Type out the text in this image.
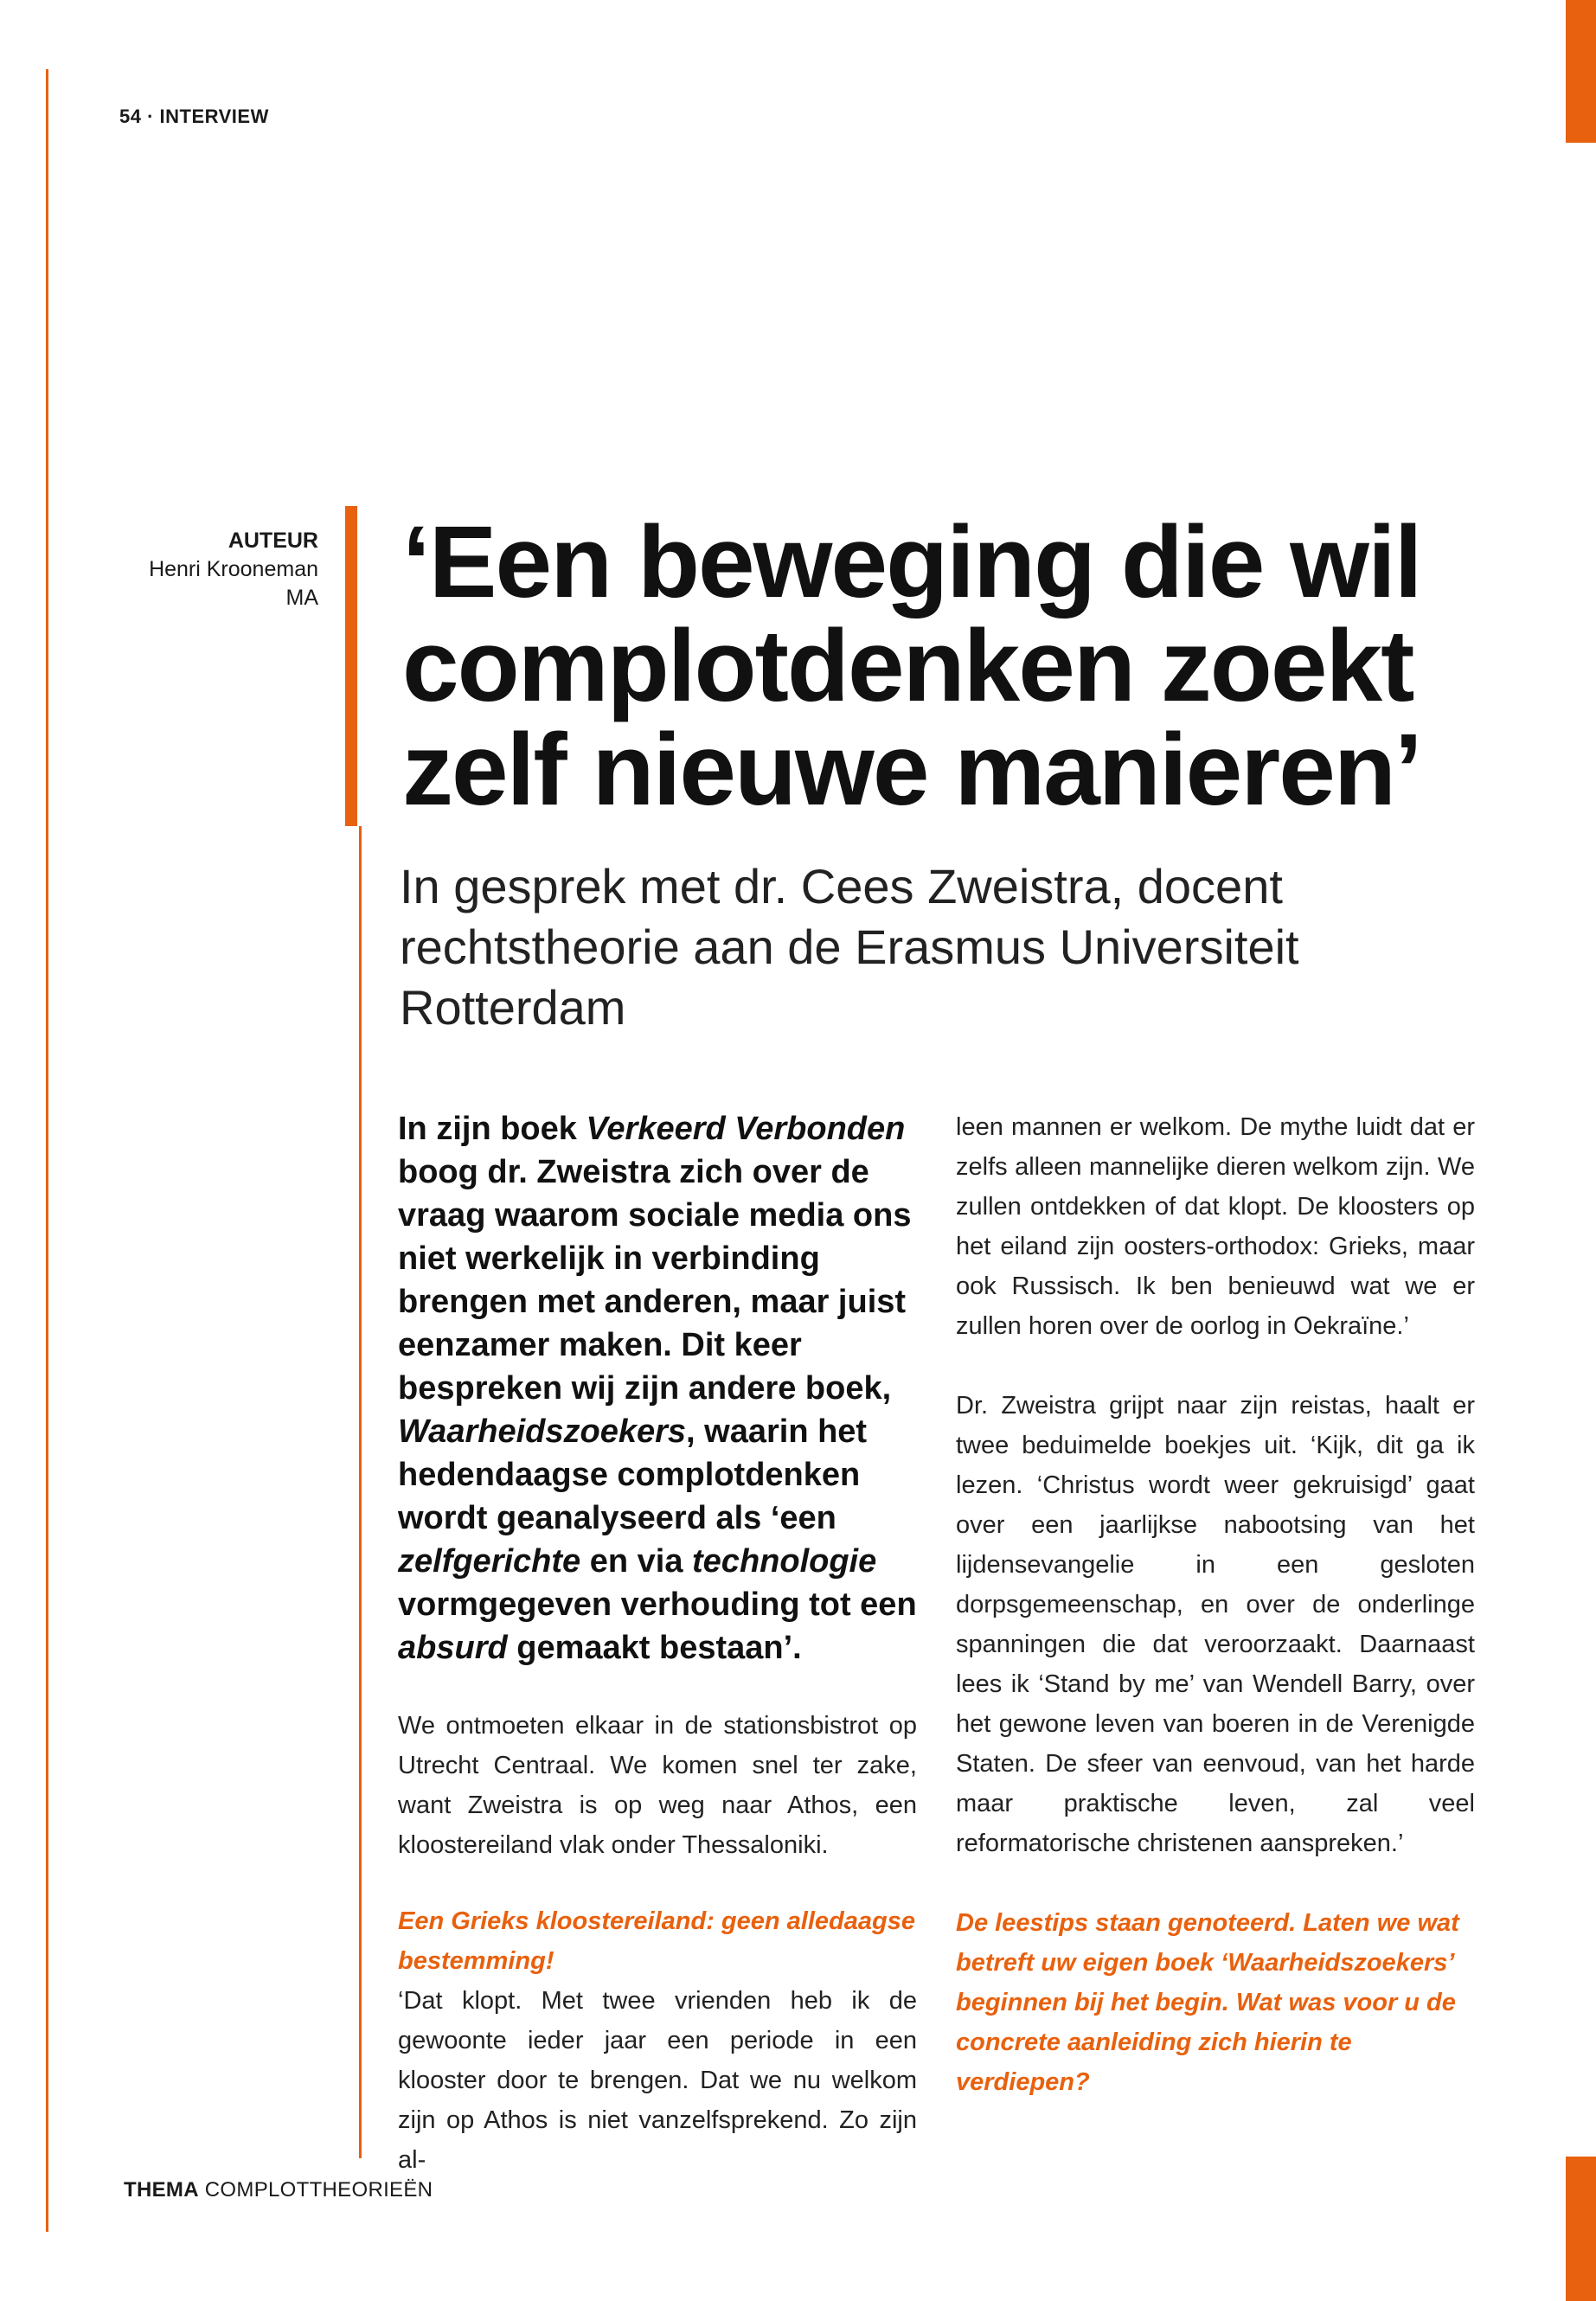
54 · INTERVIEW
AUTEUR
Henri Krooneman
MA ‘Een beweging die wil
complotdenken zoekt
zelf nieuwe manieren’
In gesprek met dr. Cees Zweistra, docent
rechtstheorie aan de Erasmus Universiteit
Rotterdam

In zijn boek Verkeerd Verbonden boog dr. Zweistra zich over de vraag waarom sociale media ons niet werkelijk in verbinding brengen met anderen, maar juist eenzamer maken. Dit keer bespreken wij zijn andere boek, Waarheidszoekers, waarin het hedendaagse complotdenken wordt geanalyseerd als ‘een zelfgerichte en via technologie vormgegeven verhouding tot een absurd gemaakt bestaan’.

We ontmoeten elkaar in de stationsbistrot op Utrecht Centraal. We komen snel ter zake, want Zweistra is op weg naar Athos, een kloostereiland vlak onder Thessaloniki.

Een Grieks kloostereiland: geen alledaagse bestemming!

‘Dat klopt. Met twee vrienden heb ik de gewoonte ieder jaar een periode in een klooster door te brengen. Dat we nu welkom zijn op Athos is niet vanzelfsprekend. Zo zijn al-

leen mannen er welkom. De mythe luidt dat er zelfs alleen mannelijke dieren welkom zijn. We zullen ontdekken of dat klopt. De kloosters op het eiland zijn oosters-orthodox: Grieks, maar ook Russisch. Ik ben benieuwd wat we er zullen horen over de oorlog in Oekraïne.’

Dr. Zweistra grijpt naar zijn reistas, haalt er twee beduimelde boekjes uit. ‘Kijk, dit ga ik lezen. ‘Christus wordt weer gekruisigd’ gaat over een jaarlijkse nabootsing van het lijdensevangelie in een gesloten dorpsgemeenschap, en over de onderlinge spanningen die dat veroorzaakt. Daarnaast lees ik ‘Stand by me’ van Wendell Barry, over het gewone leven van boeren in de Verenigde Staten. De sfeer van eenvoud, van het harde maar praktische leven, zal veel reformatorische christenen aanspreken.’

De leestips staan genoteerd. Laten we wat betreft uw eigen boek ‘Waarheidszoekers’ beginnen bij het begin. Wat was voor u de concrete aanleiding zich hierin te verdiepen?

THEMA COMPLOTTHEORIEËN
